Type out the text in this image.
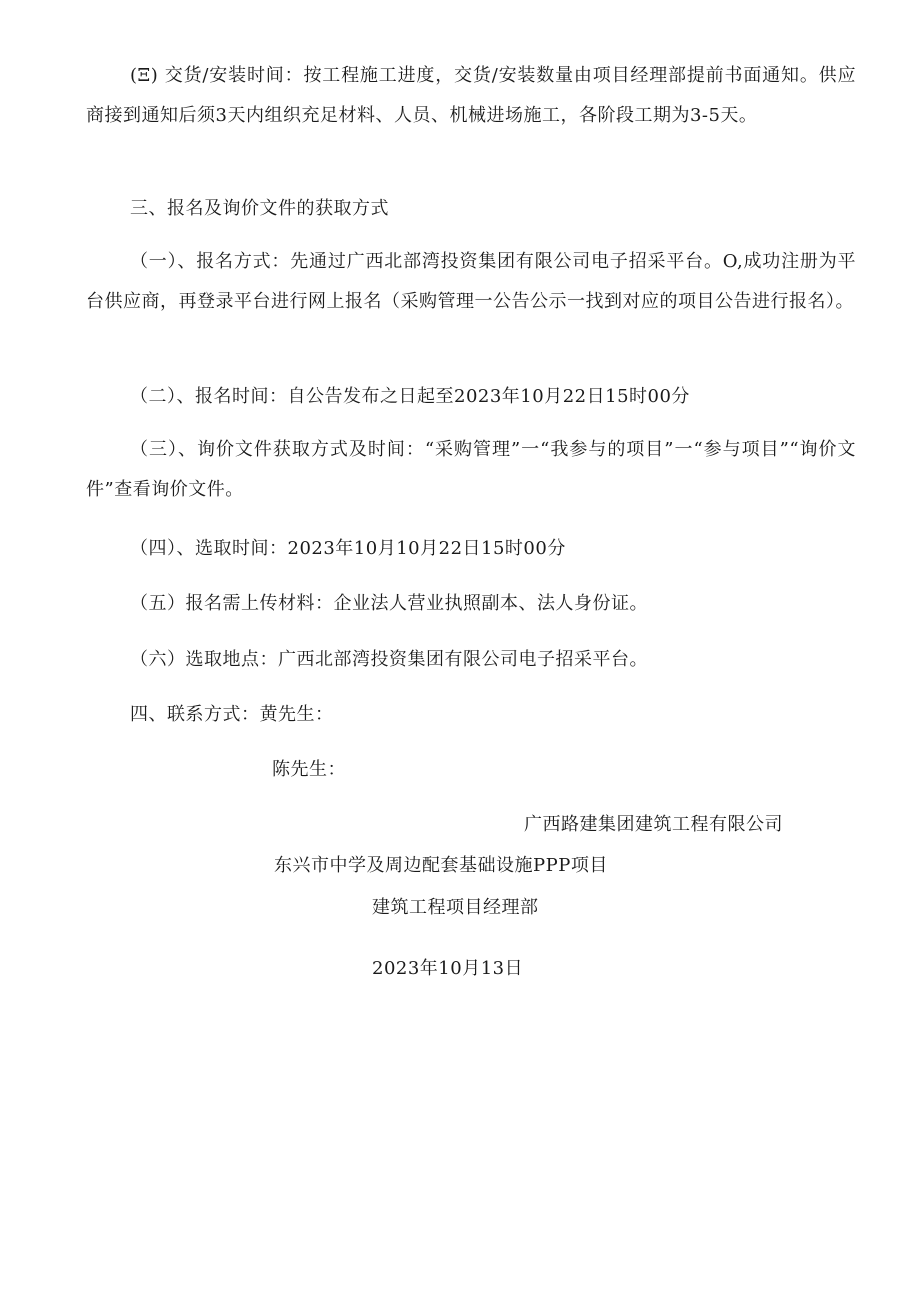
(Ξ) 交货/安装时间：按工程施工进度，交货/安装数量由项目经理部提前书面通知。供应商接到通知后须3天内组织充足材料、人员、机械进场施工，各阶段工期为3-5天。
三、报名及询价文件的获取方式
（一）、报名方式：先通过广西北部湾投资集团有限公司电子招采平台。O,成功注册为平台供应商，再登录平台进行网上报名（采购管理一公告公示一找到对应的项目公告进行报名）。
（二）、报名时间：自公告发布之日起至2023年10月22日15时00分
（三）、询价文件获取方式及时间：“采购管理”一“我参与的项目”一“参与项目”“询价文件”查看询价文件。
（四）、选取时间：2023年10月10月22日15时00分
（五）报名需上传材料：企业法人营业执照副本、法人身份证。
（六）选取地点：广西北部湾投资集团有限公司电子招采平台。
四、联系方式：黄先生：
陈先生：
广西路建集团建筑工程有限公司
东兴市中学及周边配套基础设施PPP项目
建筑工程项目经理部
2023年10月13日
